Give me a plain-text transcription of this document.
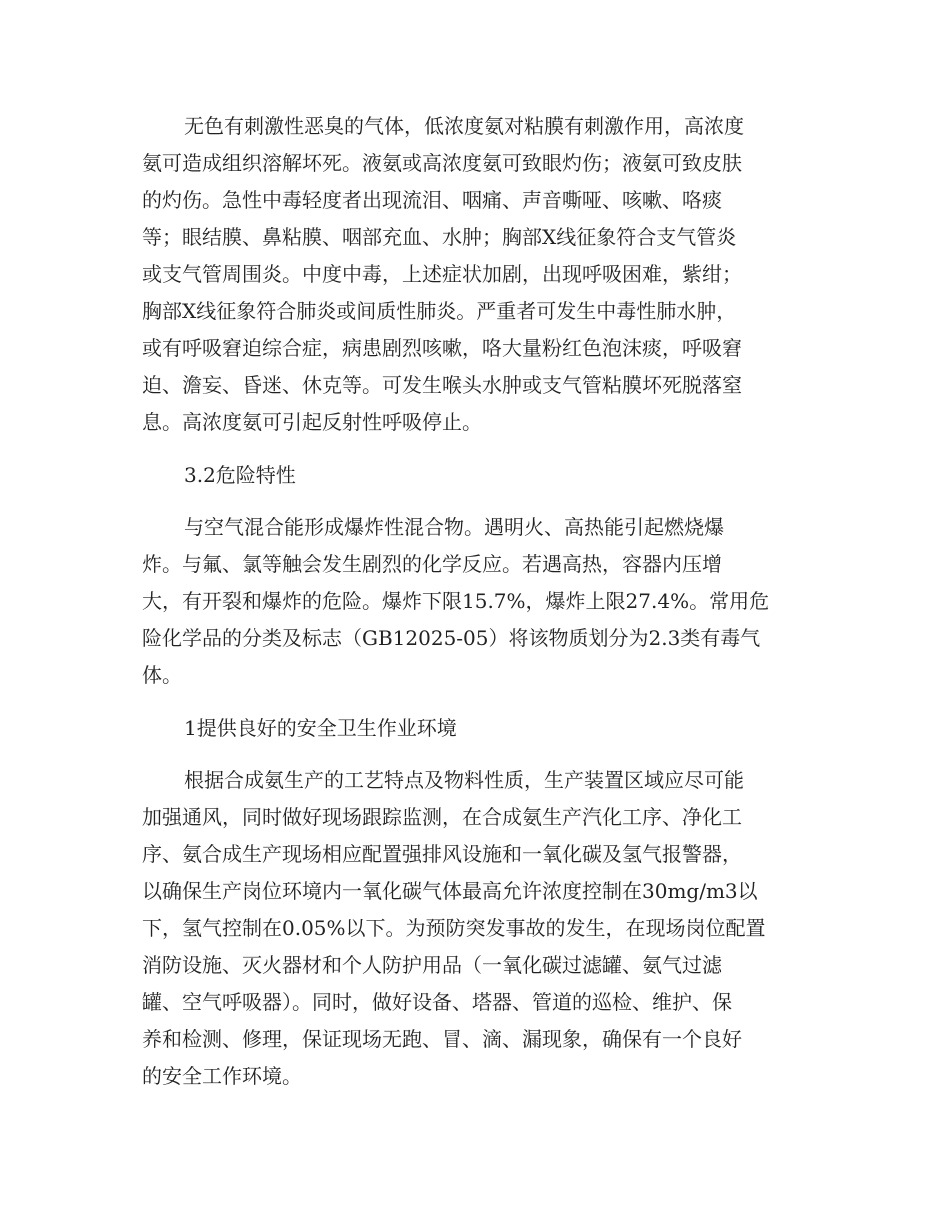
无色有刺激性恶臭的气体，低浓度氨对粘膜有刺激作用，高浓度

氨可造成组织溶解坏死。液氨或高浓度氨可致眼灼伤；液氨可致皮肤

的灼伤。急性中毒轻度者出现流泪、咽痛、声音嘶哑、咳嗽、咯痰

等；眼结膜、鼻粘膜、咽部充血、水肿；胸部X线征象符合支气管炎

或支气管周围炎。中度中毒，上述症状加剧，出现呼吸困难，紫绀；

胸部X线征象符合肺炎或间质性肺炎。严重者可发生中毒性肺水肿，

或有呼吸窘迫综合症，病患剧烈咳嗽，咯大量粉红色泡沫痰，呼吸窘

迫、澹妄、昏迷、休克等。可发生喉头水肿或支气管粘膜坏死脱落窒

息。高浓度氨可引起反射性呼吸停止。

3.2危险特性

与空气混合能形成爆炸性混合物。遇明火、高热能引起燃烧爆

炸。与氟、氯等触会发生剧烈的化学反应。若遇高热，容器内压增

大，有开裂和爆炸的危险。爆炸下限15.7%，爆炸上限27.4%。常用危

险化学品的分类及标志（GB12025-05）将该物质划分为2.3类有毒气

体。

1提供良好的安全卫生作业环境

根据合成氨生产的工艺特点及物料性质，生产装置区域应尽可能

加强通风，同时做好现场跟踪监测，在合成氨生产汽化工序、净化工

序、氨合成生产现场相应配置强排风设施和一氧化碳及氢气报警器，

以确保生产岗位环境内一氧化碳气体最高允许浓度控制在30mg/m3以

下，氢气控制在0.05%以下。为预防突发事故的发生，在现场岗位配置

消防设施、灭火器材和个人防护用品（一氧化碳过滤罐、氨气过滤

罐、空气呼吸器）。同时，做好设备、塔器、管道的巡检、维护、保

养和检测、修理，保证现场无跑、冒、滴、漏现象，确保有一个良好

的安全工作环境。
